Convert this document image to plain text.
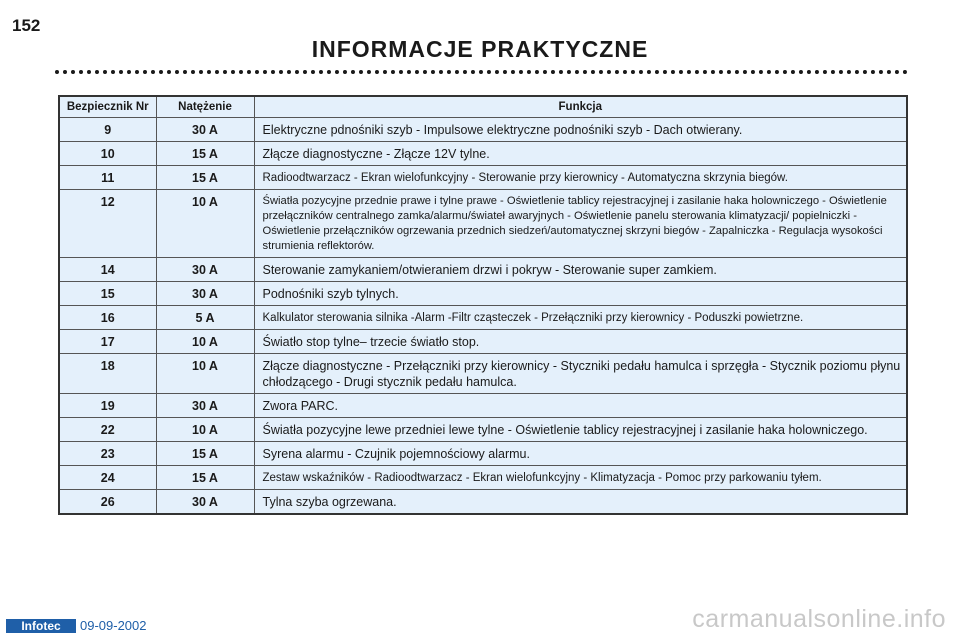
152
INFORMACJE PRAKTYCZNE
Bezpiecznik Nr	Natężenie	Funkcja
9	30 A	Elektryczne pdnośniki szyb - Impulsowe elektryczne podnośniki szyb - Dach otwierany.
10	15 A	Złącze diagnostyczne - Złącze 12V tylne.
11	15 A	Radioodtwarzacz - Ekran wielofunkcyjny - Sterowanie przy kierownicy - Automatyczna skrzynia biegów.
12	10 A	Światła pozycyjne przednie prawe i tylne prawe - Oświetlenie tablicy rejestracyjnej i zasilanie haka holowniczego - Oświetlenie przełączników centralnego zamka/alarmu/świateł awaryjnych - Oświetlenie panelu sterowania klimatyzacji/ popielniczki - Oświetlenie przełączników ogrzewania przednich siedzeń/automatycznej skrzyni biegów - Zapalniczka - Regulacja wysokości strumienia reflektorów.
14	30 A	Sterowanie zamykaniem/otwieraniem drzwi i pokryw - Sterowanie super zamkiem.
15	30 A	Podnośniki szyb tylnych.
16	5 A	Kalkulator sterowania silnika -Alarm -Filtr cząsteczek - Przełączniki przy kierownicy - Poduszki powietrzne.
17	10 A	Światło stop tylne– trzecie światło stop.
18	10 A	Złącze diagnostyczne - Przełączniki przy kierownicy - Styczniki pedału hamulca i sprzęgła - Stycznik poziomu płynu chłodzącego - Drugi stycznik pedału hamulca.
19	30 A	Zwora PARC.
22	10 A	Światła pozycyjne lewe przedniei lewe tylne - Oświetlenie tablicy rejestracyjnej i zasilanie haka holowniczego.
23	15 A	Syrena alarmu - Czujnik pojemnościowy alarmu.
24	15 A	Zestaw wskaźników - Radioodtwarzacz - Ekran wielofunkcyjny - Klimatyzacja - Pomoc przy parkowaniu tyłem.
26	30 A	Tylna szyba ogrzewana.
Infotec	09-09-2002	carmanualsonline.info
